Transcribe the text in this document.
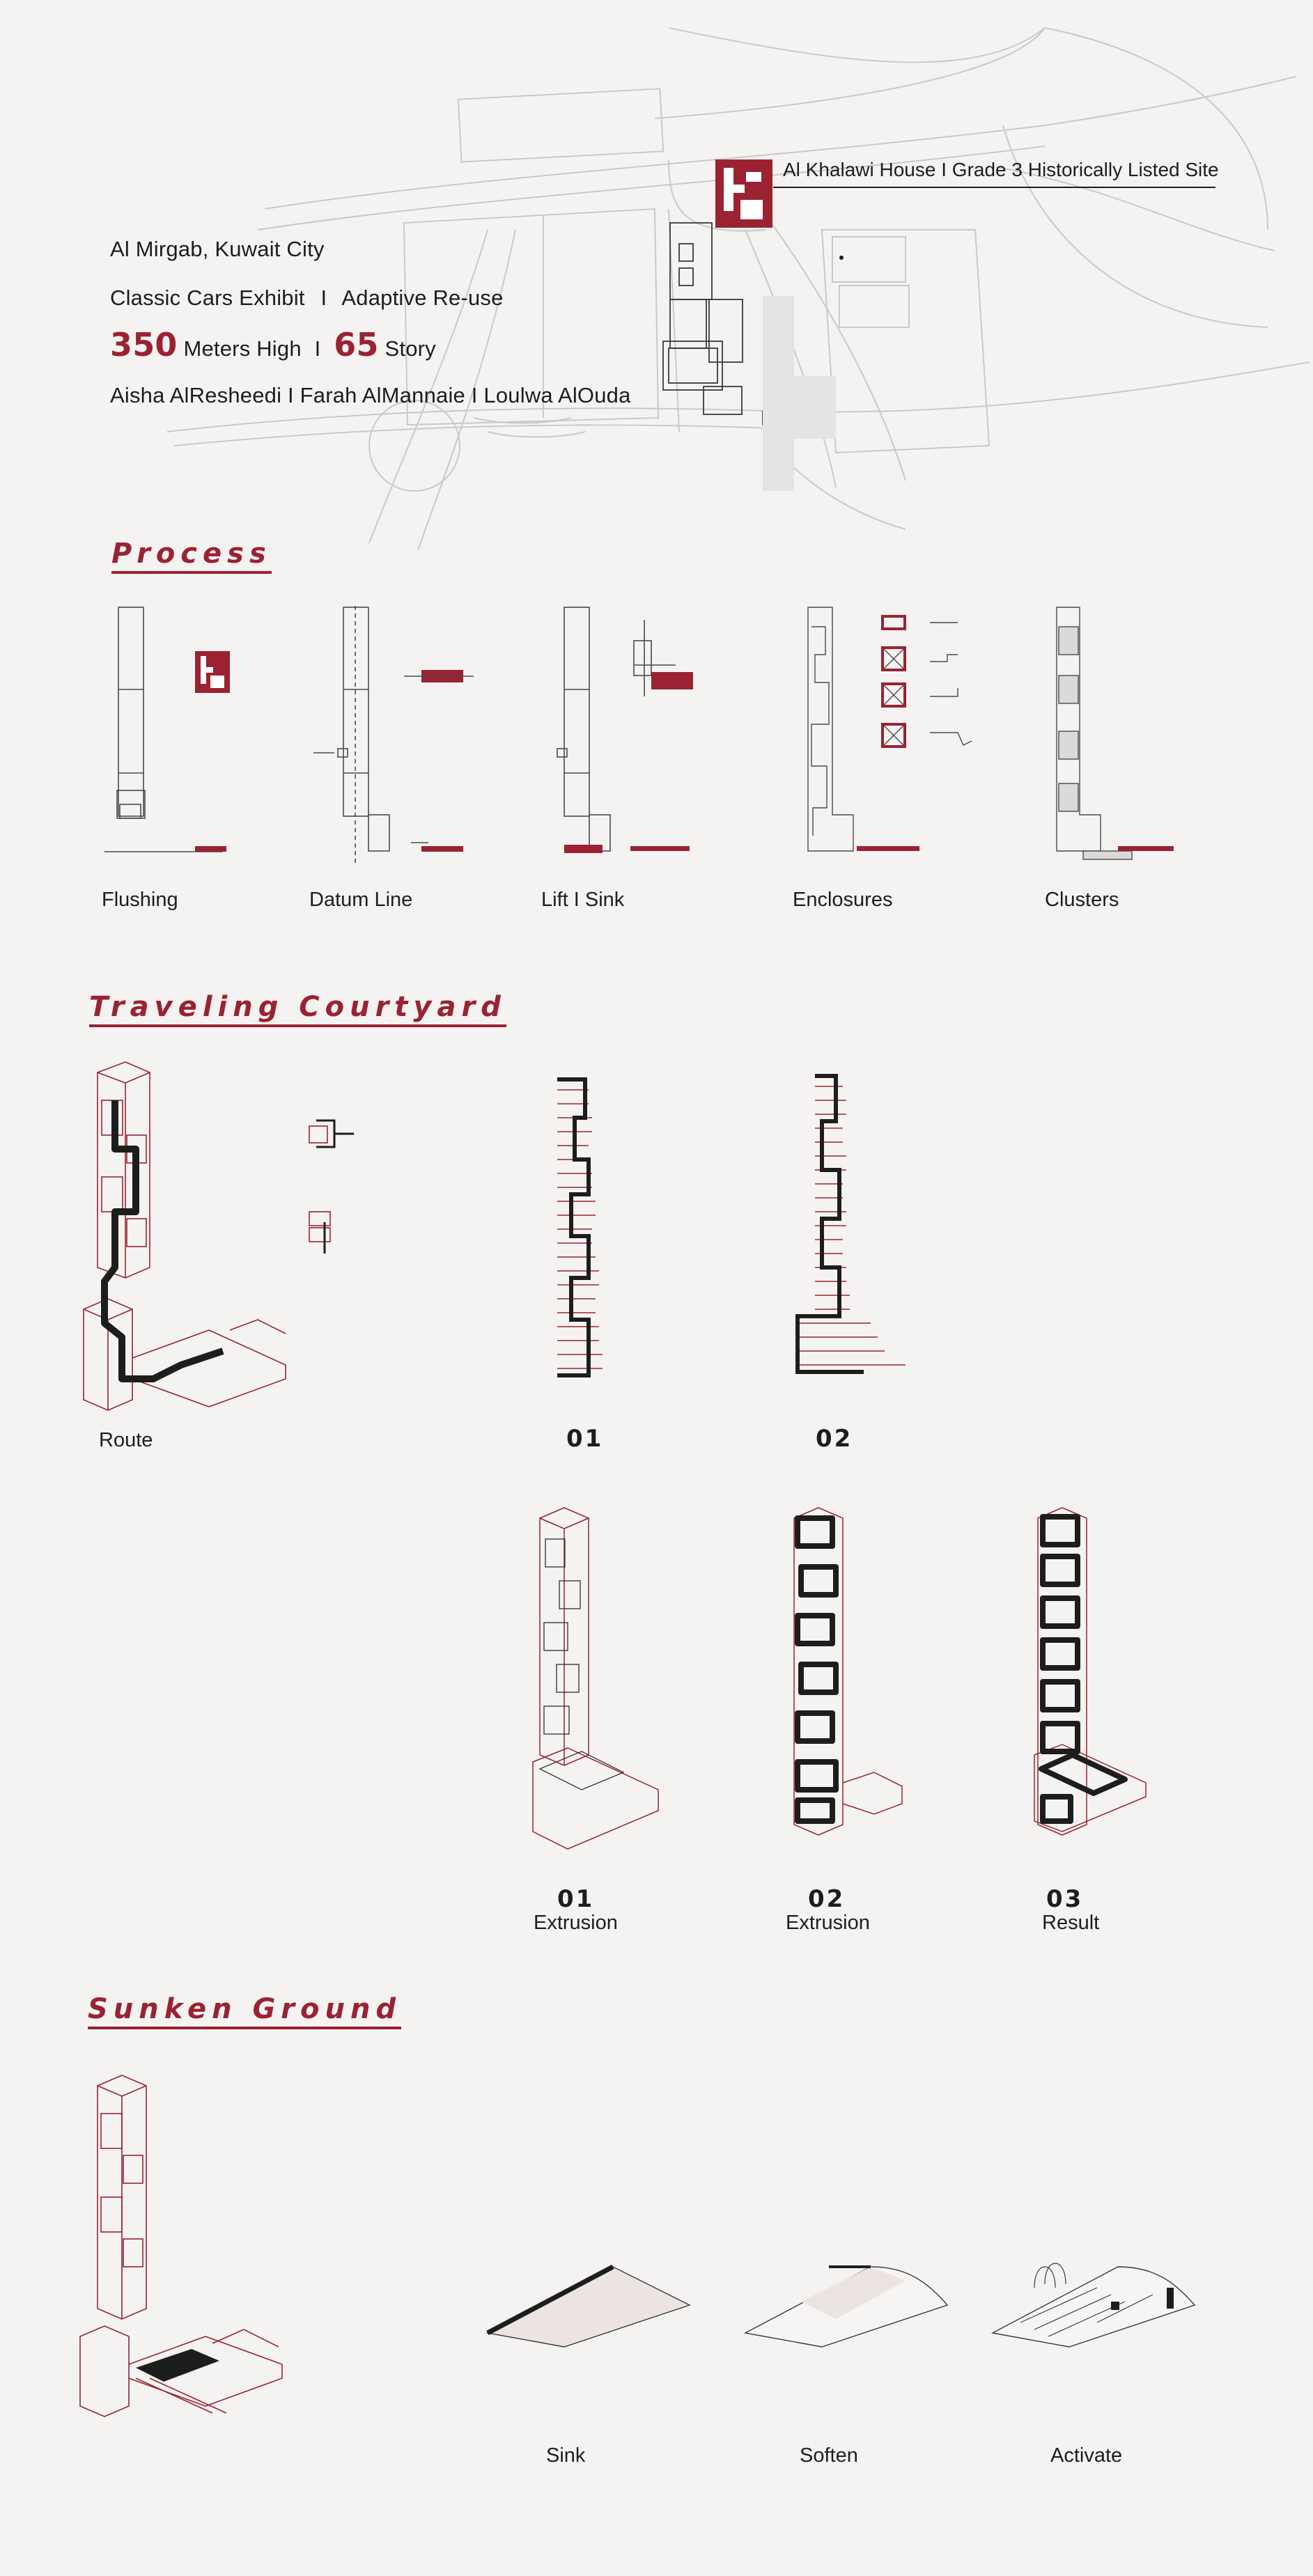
Al Khalawi House I Grade 3 Historically Listed Site
Al Mirgab, Kuwait City
Classic Cars Exhibit I Adaptive Re-use
350 Meters High I 65 Story
Aisha AlResheedi I Farah AlMannaie I Loulwa AlOuda
Process
Flushing	Datum Line	Lift I Sink	Enclosures	Clusters
Traveling Courtyard
Route	01	02
01
Extrusion
02
Extrusion
03
Result
Sunken Ground
Sink	Soften	Activate
